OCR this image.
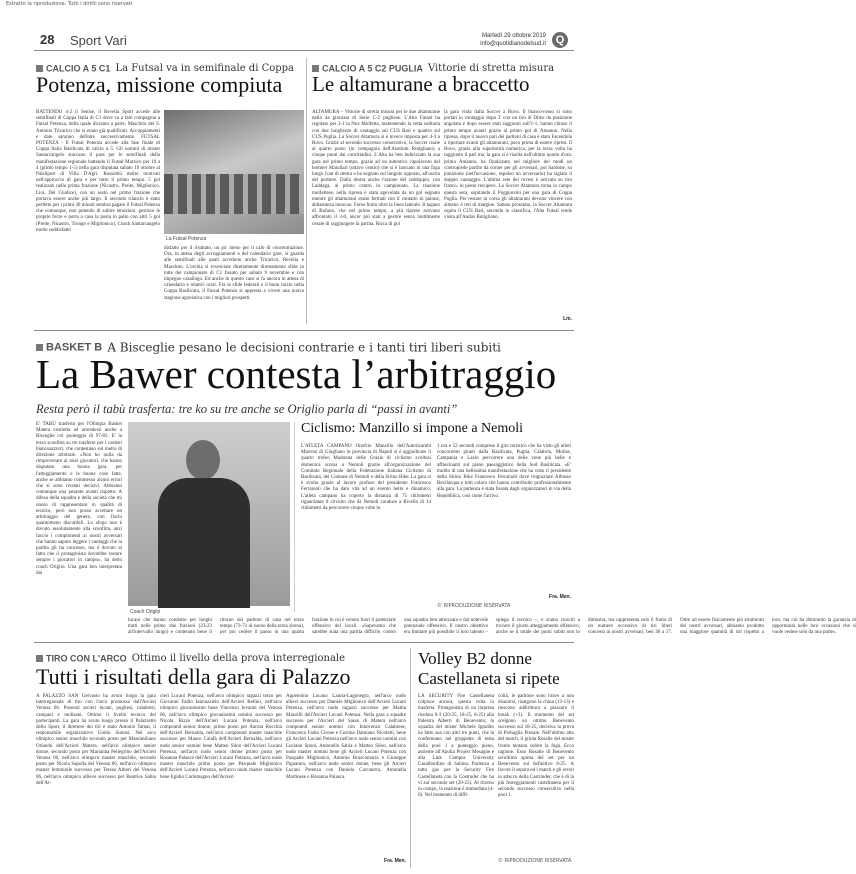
Estratto la riproduzione. Tutti i diritti sono riservati
28 Sport Vari	Martedì 29 ottobre 2019
info@quotidianodelsud.it Q
CALCIO A 5 C1 La Futsal va in semifinale di Coppa
Potenza, missione compiuta
BATTENDO 4-2 il Senise, il Revelia Sport accede alle semifinali di Coppa Italia di C1 dove va a fare compagnia a Futsal Potenza, della quale diciamo a parte, Maschito del S. Antonio Tricarico che si erano già qualificati. Accoppiamenti e date saranno definite successivamente. FUTSAL POTENZA - Il Futsal Potenza accede alla fase finale di Coppa Italia Basilicata di calcio a 5. Gli uomini di mister Santarcangelo staccano il pass per le semifinali della manifestazione regionale battendo il Futsal Marsico per 10 a 4 (primo tempo 1-5) nella gara disputata sabato 19 ottobre al PalaSport di Villa D'Agri. Rossoblù molto motivati nell'approccio di gara e per tutto il primo tempo. 5 gol realizzati nella prima frazione (Nicastro, Preite, Miglionico, Lioi, Del Giudice), con un sesto nel primo frazione che portava essere anche più largo. Il secondo rilancio è stato perfetto per i primi 30 minuti sembra pagare il Futsal Potenza che comunque, non potendo di subire emozioni, gestisce le proprie forze e porta a casa la posta in palio con altri 5 gol (Preite, Nicastro, Trongo e Miglionico). Coach Santarcangelo molto soddisfatto
La Futsal Potenza
disfatto per il risultato, un po' meno per il calo di concentrazione. Ora, in attesa degli accoppiamenti e del calendario gare, si guarda alle semifinali alle quali accedono anche Tricarico, Revelia e Maschito. L'orchia si rovesciate direttamente direttamente sfide in tutte dei campionato di C1 fissato per sabato 9 novembre e con impegno casalingo. Ed anche in questo caso si fa ancora in attesa di calendario e relativi orari. Fra le sfide federali e il buon inizio nella Coppa Basilicata, il Futsal Potenza si appresta a vivere una nuova stagione agonistica con i migliori prospetti.
CALCIO A 5 C2 PUGLIA Vittorie di stretta misura
Le altamurane a braccetto
ALTAMURA – Vittorie di stretta misura per le due altamurane nella 4a giornata di Serie C-2 pugliese. L'Alta Futsal ha regolato per 3-1 la Nox Molfetta, mantenendo la vetta solitaria con due lunghezze di vantaggio sul CUS Bari e quattro sul CUS Puglia. La Soccer Altamura si è invece imposta per 4-3 a Ruvo. Grazie al secondo successo consecutivo, la Soccer risale al quarto posto (in compagnia dell'Azetium Rutigliano) a cinque punti dai concittadini. L'Alta ha ben indirizzato la sua gara nel primo tempo, grazie ad un autentico capolavoro del bomber Maiullari (ottavo centro) che si è lanciato in una fuga lungo l'out di destra e ha segnato sul lungolo opposto, all'uscita del portiere. Dalla destra anche l'azione del raddoppio, con Laddaga, al primo centro in campionato. La reazione molfettese, nella ripresa è stata agevolata da un gol segnato mentre gli altamurani erano fermati con il contatto in palone, abbastanza innocuo. Forse finito oltre la linea laterale. Il tagano di Bufano, che nel primo tempo, a più riprese avevano affrontato il 3-0, ancor più stati a gestire senza inutilmente cesale di raggiungere la partita. Ricca di gol
la gara vinta dalla Soccer a Ruvo. Il bianco-rosso si sono portati in vantaggio dopo 2' con un tiro di Dileo da posizione angolata e dopo essere stati raggiunti sull'1-1, hanno chiuso il primo tempo avanti grazie al primo gol di Amanno. Nella ripresa, dopo il nuovo pari dei padroni di casa è stato Facendola a riportare avanti gli altamurani, poco prima di essere ripresi. Il Ruvo, grazie alla superiorità numerica, per la terza volta ha raggiunto il pari ma, la gara si è risolta nell'ultimo quarto d'ora: prima Amanno, ha finalizzato nel migliore dei modi un contropiede partito da corner per gli avversari, poi Sardone, su punizione (nell'occasione, espulso un avversario) ha siglato il doppio vantaggio. L'ultima rete dei ruvesi è arrivata su tiro franco, in pieno recupero. La Soccer Altamura torna in campo questa sera, ospitando il Poggiorsini per una gara di Coppa Puglia. Per restare in corsa gli altamurani devono vincere con almeno 4 reti di margine. Sabato prossimo, la Soccer Altamura ospita il CUS Bari, secondo in classifica, l'Alta Futsal rende visita all'Audax Rutigliano.
Lm.
BASKET B A Bisceglie pesano le decisioni contrarie e i tanti tiri liberi subiti
La Bawer contesta l’arbitraggio
Resta però il tabù trasferta: tre ko su tre anche se Origlio parla di “passi in avanti”
E' TABÙ trasferta per l'Olimpia Basket Matera costretta ad arrendersi anche a Bisceglie col punteggio di 97-83. E' la terza sconfitta su tre trasferte per i cestisti biancoazzurri, che contestano sul metro di direzione arbitrale. «Non ho nulla da rimproverare ai miei giocatori, che hanno disputato una buona gara, per l'atteggiamento e le buone cose fatte, anche se abbiamo commesso alcuni errori che si sono rivelati decisivi. Abbiamo comunque una pesante avanti rispetto. A difesa della squadra e della società che mi onoro di rappresentare in qualità di tecnico, però non posso accettare un arbitraggio del genere, con fischi quantomeno discutibili. Lo sfogo non è dovuto assolutamente alla sconfitta, anzi faccio i complimenti ai nostri avversari che hanno saputo leggere i vantaggi che la partita gli ha concesso, ma è dovuto al fatto che il protagonista dovrebbe restare sempre i giocatori in campo», ha detto coach Origlio. Una gara ben interpretata dai
Coach Origlio
lucani che hanno condotto per lunghi tratti nelle prime due frazioni (23-23 all'intervallo lungo) e contenuto bene il ritorno dei padroni di casa nel terzo tempo (73-71 al suono della terza sirena), per poi cedere il passo in una quarta frazione in cui è venuto fuori il potenziale offensivo del locali. «Sapevamo che sarebbe stata una partita difficile, contro una squadra ben attrezzata e dal notevole potenziale offensivo. Il nostro obiettivo era limitare più possibile il loro talento – spiega il tecnico –, e siamo riusciti a trovare il giusto atteggiamento difensivo, anche se il totale dei punti subiti non lo dimostra, ma rappresenta solo il frutto di un numero eccessivo di tiri liberi concessi ai nostri avversari, ben 38 a 17. Oltre ad essere fisicamente più strutturati dei nostri avversari, abbiamo prodotto una maggiore quantità di tiri rispetto a loro, ma ciò ha diminuito la garanzia di opportunità nelle loro occasioni che si vuole vedere solo da una parte».
Ciclismo: Manzillo si impone a Nemoli
L'ATLETA CAMPANO Onofrio Manzillo dell'Autoricambi Marroni di Giugliano in provincia di Napoli si è aggiudicato il quarto trofeo Madonna delle Grazie di ciclismo svoltosi domenica scorsa a Nemoli grazie all'organizzazione del Comitato Regionale della Federazione Italiana Ciclismo di Basilicata, del Comune di Nemoli e della Sirino Bike. La gara si è svolta grazie al lavoro profuso del presidente Francesco Ferrainoli che ha dato vita ad un evento bello e dinamico. L'atleta campano ha coperto la distanza di 75 chilometri riguardante il circuito che da Nemoli conduce a Rivello di 14 chilometri da percorrere cinque volte in
1 ora e 52 secondi comprese il giro turistico che ha visto gli atleti concorrenti giunti dalla Basilicata, Puglia, Calabria, Molise, Campania e Lazio percorrere una delle zone più belle e affascinanti sul piano paesaggistico della Sud Basilicata. «E' tradito di una bellissima manifestazione che ha visto il presidente della Sirino Bike Francesco Ferrainoli dove ringraziare Alfonso Bevilacqua e tutti coloro che hanno contribuito professionalmente alla gara. La partenza è stata fissata dagli organizzatori in via della Repubblica, così come l'arrivo.
Fra. Men.
© RIPRODUZIONE RISERVATA
TIRO CON L'ARCO Ottimo il livello della prova interregionale
Tutti i risultati della gara di Palazzo
A PALAZZO SAN Gervasio ha avuto luogo la gara interregionale di tiro con l'arco promossa dall'Arcieri Venosa 06. Presenti arcieri lucani, pugliesi, calabresi, campani e molisani. Ottimo il livello tecnico dei partecipanti. La gara ha avuto luogo presso il Palazzetto dello Sport, il direttore dei tiri è stato Antonio Tamai, il responsabile organizzativo Giulio Sinnisi. Nel arco olimpico senior maschile secondo posto per Massimiliano Orlando dell'Arcieri Matera, nell'arco olimpico senior donne, secondo posto per Marianna Pellegrino dell'Arcieri Venosa 06, nell'arco olimpico master maschile, secondo posto per Nicola Sapolla del Venosa 06, nell'arco olimpico master femminile successo per Teresa Altieri del Venosa 06, nell'arco olimpico allieve successo per Beatrice Sabia dell'Ar-
cieri Lucani Potenza, nell'arco olimpico ragazzi terzo per Giovanni Fadio Iannuzzielo dell'Arcieri Bellini, nell'arco olimpico giovanissimi bene Vincenzo Iovanni del Venosa 06, nell'arco olimpico giovanissimi uomini successo per Nicola Rizzo dell'Arcieri Lucani Potenza, nell'arco compound senior donne, primo posto per Aurora Rocchia dell'Arcieri Bernalda, nell'arco compound master maschile successo per Mauro Calafà dell'Arcieri Bernalda, nell'arco nudo senior uomini bene Matteo Siloo dell'Arcieri Lucani Potenza, nell'arco nudo senior donne primo posto per Rosanna Palasca dell'Arcieri Lucani Potenza, nell'arco nudo master maschile primo posto per Pasquale Miglionico dell'Arcieri Lucani Potenza, nell'arco nudo master maschile bene Egidio Carlomagno dell'Arcieri
Appennino Lucano Lauria-Lagonegro, nell'arco nudo allievi successo per Daniele Miglionico dell'Arcieri Lucani Potenza, nell'arco nudo ragazzi successo per Mattia Mazzilli dell'Arcieri Lucani Potenza. Nella gara a squadre successo per l'Arcieri del Sasso di Matera nell'arco compound senior uomini con Innocenzo Calabrese, Francesco Fadio Cirone e Cosimo Damiano Nicoletti, bene gli Arcieri Lucani Potenza nell'arco nudo senior uomini con Luciano Sponi, Antonello Sabia e Matteo Siloo, nell'arco nudo master uomini bene gli Arcieri Lucani Potenza con Pasquale Miglionico, Antonio Bruscomarra e Giuseppe Pignataro, nell'arco nudo senior donne, bene gli Arcieri Lucani Potenza con Daniela Carcaterra, Antonella Martinese e Rosanna Palasca.
Fra. Men.
Volley B2 donne
Castellaneta si ripete
LA SECURITY Fire Castellaneta colpisce ancora, questa volta in trasferta. Protagonista di un impresa risoluta 0-3 (20-25, 18-25, 8-25) alla Palestra Alberti di Benevento, la squadra del mister Michele Ippolito ha fatto sua con altri tre punti, che la confermano nel gruppetto di testa della pool 1 a punteggio pieno, assieme all'Apulia Project Mesagne e alla Link Campus University Casalbordino di Sabina. Partenza a tutto gas per la Security Fire Castellaneta con la Costruder che ha vi sul secondo set (20-25). Al ritorno in campo, la reazione è immediata (4-0). Nel momento di diffi-
coltà, le padrone sono brave a non disunirsi, risalgono la china (13-13) e riescono addirittura a piazzare il break (+3). Il momento del set scelgono un ottimo Benevento successo sul 18-25, decisiva la prova di Prebaglia Presale. Nell'ultimo atto del match, il grinta Rosalie del mister fronte tentano subito la fuga. Ecco ragione. Esso Rosalie di Benevento un'ultima spinta del set per un Benevento sul definitivo 8-25. A favore il separa ed i match e gli errori in attacco della Castrinder, che è di la più festeggiamenti castellaneta per il secondo successo consecutivo nella pool 1.
© RIPRODUZIONE RISERVATA
